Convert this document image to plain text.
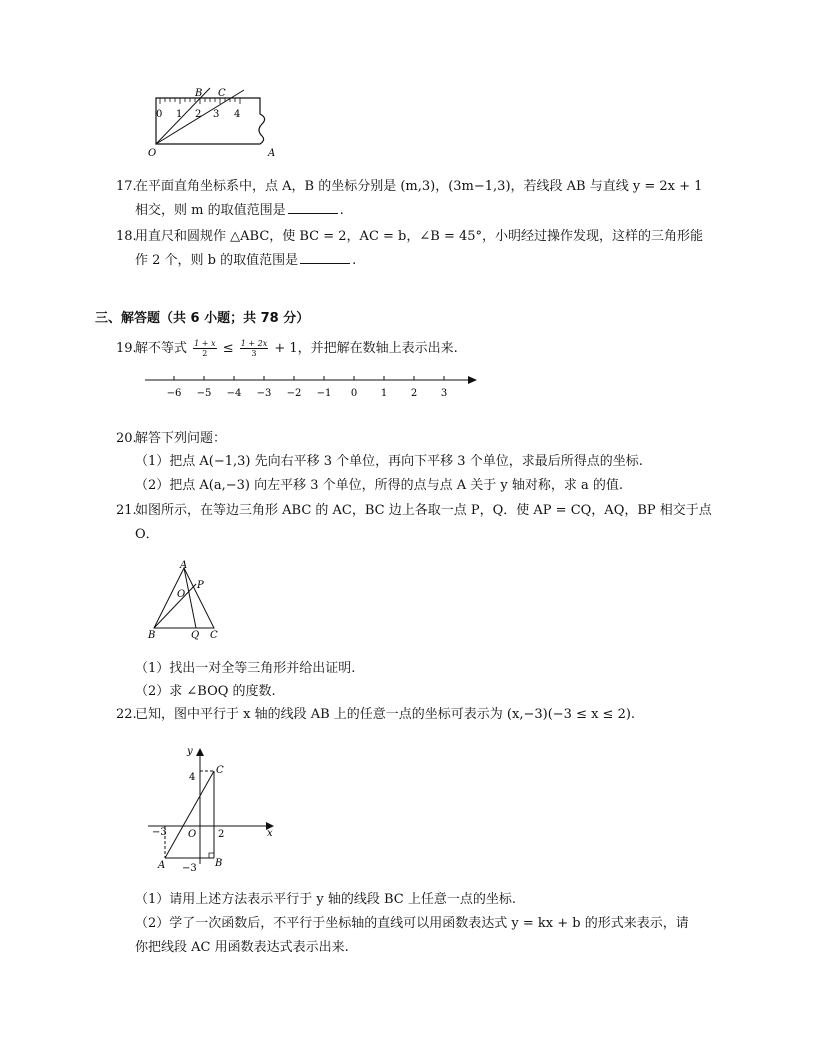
0 1 2 3 4
B C
O	A
17.
在平面直角坐标系中，点 A，B 的坐标分别是 (m,3)，(3m−1,3)，若线段 AB 与直线 y = 2x + 1
相交，则 m 的取值范围是	.
18.
用直尺和圆规作 △ABC，使 BC = 2，AC = b，∠B = 45°，小明经过操作发现，这样的三角形能
作 2 个，则 b 的取值范围是	.
三、解答题（共 6 小题；共 78 分）
19.
解不等式 $\frac{1 + x}{2} \le \frac{1 + 2x}{3} + 1$，并把解在数轴上表示出来.
−6 −5 −4 −3 −2 −1 0 1 2 3
20.
解答下列问题：
（1）把点 A(−1,3) 先向右平移 3 个单位，再向下平移 3 个单位，求最后所得点的坐标.
（2）把点 A(a,−3) 向左平移 3 个单位，所得的点与点 A 关于 y 轴对称，求 a 的值.
21.
如图所示，在等边三角形 ABC 的 AC，BC 边上各取一点 P，Q．使 AP = CQ，AQ，BP 相交于点
O．
A
P
O
B	Q C
（1）找出一对全等三角形并给出证明.
（2）求 ∠BOQ 的度数.
22.
已知，图中平行于 x 轴的线段 AB 上的任意一点的坐标可表示为 (x,−3)(−3 ≤ x ≤ 2).
y
x
C
4
O
−3	2
A	B
−3
（1）请用上述方法表示平行于 y 轴的线段 BC 上任意一点的坐标.
（2）学了一次函数后，不平行于坐标轴的直线可以用函数表达式 y = kx + b 的形式来表示，请
你把线段 AC 用函数表达式表示出来.
